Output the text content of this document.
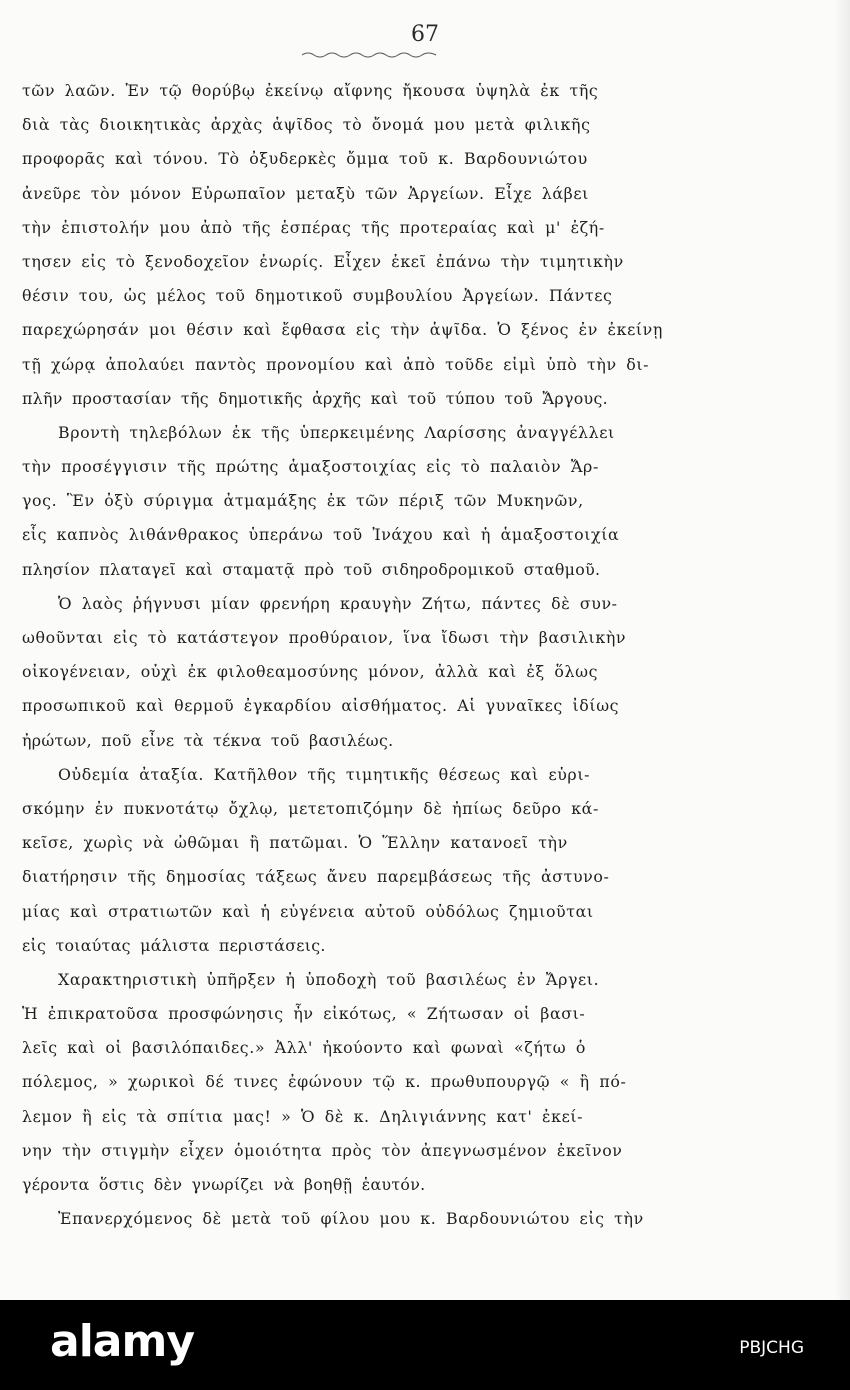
67
τῶν λαῶν. Ἐν τῷ θορύβῳ ἐκείνῳ αἴφνης ἤκουσα ὑψηλὰ ἐκ τῆς
διὰ τὰς διοικητικὰς ἀρχὰς ἁψῖδος τὸ ὄνομά μου μετὰ φιλικῆς
προφορᾶς καὶ τόνου. Τὸ ὀξυδερκὲς ὄμμα τοῦ κ. Βαρδουνιώτου
ἀνεῦρε τὸν μόνον Εὐρωπαῖον μεταξὺ τῶν Ἀργείων. Εἶχε λάβει
τὴν ἐπιστολήν μου ἀπὸ τῆς ἑσπέρας τῆς προτεραίας καὶ μ' ἐζή-
τησεν εἰς τὸ ξενοδοχεῖον ἐνωρίς. Εἶχεν ἐκεῖ ἐπάνω τὴν τιμητικὴν
θέσιν του, ὡς μέλος τοῦ δημοτικοῦ συμβουλίου Ἀργείων. Πάντες
παρεχώρησάν μοι θέσιν καὶ ἔφθασα εἰς τὴν ἁψῖδα. Ὁ ξένος ἐν ἐκείνῃ
τῇ χώρᾳ ἀπολαύει παντὸς προνομίου καὶ ἀπὸ τοῦδε εἰμὶ ὑπὸ τὴν δι-
πλῆν προστασίαν τῆς δημοτικῆς ἀρχῆς καὶ τοῦ τύπου τοῦ Ἄργους.
Βροντὴ τηλεβόλων ἐκ τῆς ὑπερκειμένης Λαρίσσης ἀναγγέλλει
τὴν προσέγγισιν τῆς πρώτης ἁμαξοστοιχίας εἰς τὸ παλαιὸν Ἄρ-
γος. Ἓν ὀξὺ σύριγμα ἀτμαμάξης ἐκ τῶν πέριξ τῶν Μυκηνῶν,
εἷς καπνὸς λιθάνθρακος ὑπεράνω τοῦ Ἰνάχου καὶ ἡ ἁμαξοστοιχία
πλησίον πλαταγεῖ καὶ σταματᾷ πρὸ τοῦ σιδηροδρομικοῦ σταθμοῦ.
Ὁ λαὸς ῥήγνυσι μίαν φρενήρη κραυγὴν Ζήτω, πάντες δὲ συν-
ωθοῦνται εἰς τὸ κατάστεγον προθύραιον, ἵνα ἴδωσι τὴν βασιλικὴν
οἰκογένειαν, οὐχὶ ἐκ φιλοθεαμοσύνης μόνον, ἀλλὰ καὶ ἐξ ὅλως
προσωπικοῦ καὶ θερμοῦ ἐγκαρδίου αἰσθήματος. Αἱ γυναῖκες ἰδίως
ἠρώτων, ποῦ εἶνε τὰ τέκνα τοῦ βασιλέως.
Οὐδεμία ἀταξία. Κατῆλθον τῆς τιμητικῆς θέσεως καὶ εὑρι-
σκόμην ἐν πυκνοτάτῳ ὄχλῳ, μετετοπιζόμην δὲ ἠπίως δεῦρο κά-
κεῖσε, χωρὶς νὰ ὠθῶμαι ἢ πατῶμαι. Ὁ Ἕλλην κατανοεῖ τὴν
διατήρησιν τῆς δημοσίας τάξεως ἄνευ παρεμβάσεως τῆς ἀστυνο-
μίας καὶ στρατιωτῶν καὶ ἡ εὐγένεια αὐτοῦ οὐδόλως ζημιοῦται
εἰς τοιαύτας μάλιστα περιστάσεις.
Χαρακτηριστικὴ ὑπῆρξεν ἡ ὑποδοχὴ τοῦ βασιλέως ἐν Ἄργει.
Ἡ ἐπικρατοῦσα προσφώνησις ἦν εἰκότως, « Ζήτωσαν οἱ βασι-
λεῖς καὶ οἱ βασιλόπαιδες.» Ἀλλ' ἠκούοντο καὶ φωναὶ «ζήτω ὁ
πόλεμος, » χωρικοὶ δέ τινες ἐφώνουν τῷ κ. πρωθυπουργῷ « ἢ πό-
λεμον ἢ εἰς τὰ σπίτια μας! » Ὁ δὲ κ. Δηλιγιάννης κατ' ἐκεί-
νην τὴν στιγμὴν εἶχεν ὁμοιότητα πρὸς τὸν ἀπεγνωσμένον ἐκεῖνον
γέροντα ὅστις δὲν γνωρίζει νὰ βοηθῇ ἑαυτόν.
Ἐπανερχόμενος δὲ μετὰ τοῦ φίλου μου κ. Βαρδουνιώτου εἰς τὴν
alamy	PBJCHG
